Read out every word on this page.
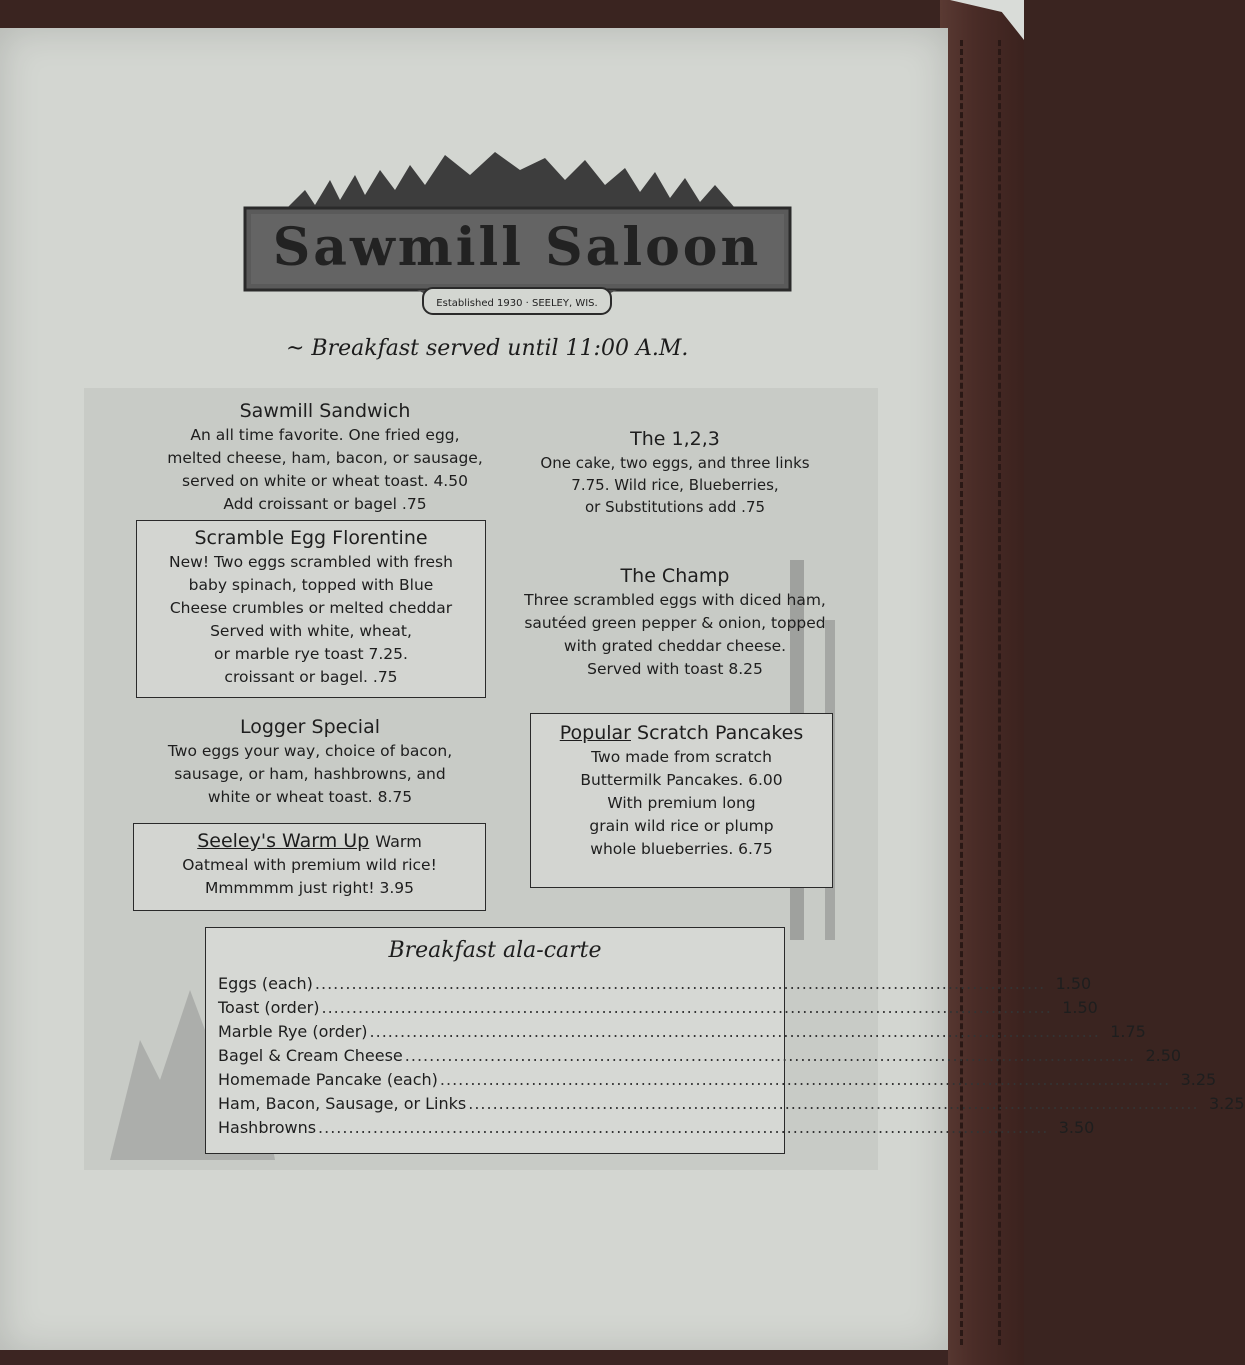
Sawmill Saloon
Established 1930 · SEELEY, WIS.
~ Breakfast served until 11:00 A.M.
Sawmill Sandwich
An all time favorite. One fried egg,
melted cheese, ham, bacon, or sausage,
served on white or wheat toast. 4.50
Add croissant or bagel .75
Scramble Egg Florentine
New! Two eggs scrambled with fresh
baby spinach, topped with Blue
Cheese crumbles or melted cheddar
Served with white, wheat,
or marble rye toast 7.25.
croissant or bagel. .75
Logger Special
Two eggs your way, choice of bacon,
sausage, or ham, hashbrowns, and
white or wheat toast. 8.75
Seeley's Warm Up Warm
Oatmeal with premium wild rice!
Mmmmmm just right! 3.95
The 1,2,3
One cake, two eggs, and three links
7.75. Wild rice, Blueberries,
or Substitutions add .75
The Champ
Three scrambled eggs with diced ham,
sautéed green pepper & onion, topped
with grated cheddar cheese.
Served with toast 8.25
Popular Scratch Pancakes
Two made from scratch
Buttermilk Pancakes. 6.00
With premium long
grain wild rice or plump
whole blueberries. 6.75
Breakfast ala-carte
Eggs (each) ........................................................................................................................ 1.50
Toast (order) ........................................................................................................................ 1.50
Marble Rye (order) ........................................................................................................................ 1.75
Bagel & Cream Cheese ........................................................................................................................ 2.50
Homemade Pancake (each) ........................................................................................................................ 3.25
Ham, Bacon, Sausage, or Links ........................................................................................................................ 3.25
Hashbrowns ........................................................................................................................ 3.50
